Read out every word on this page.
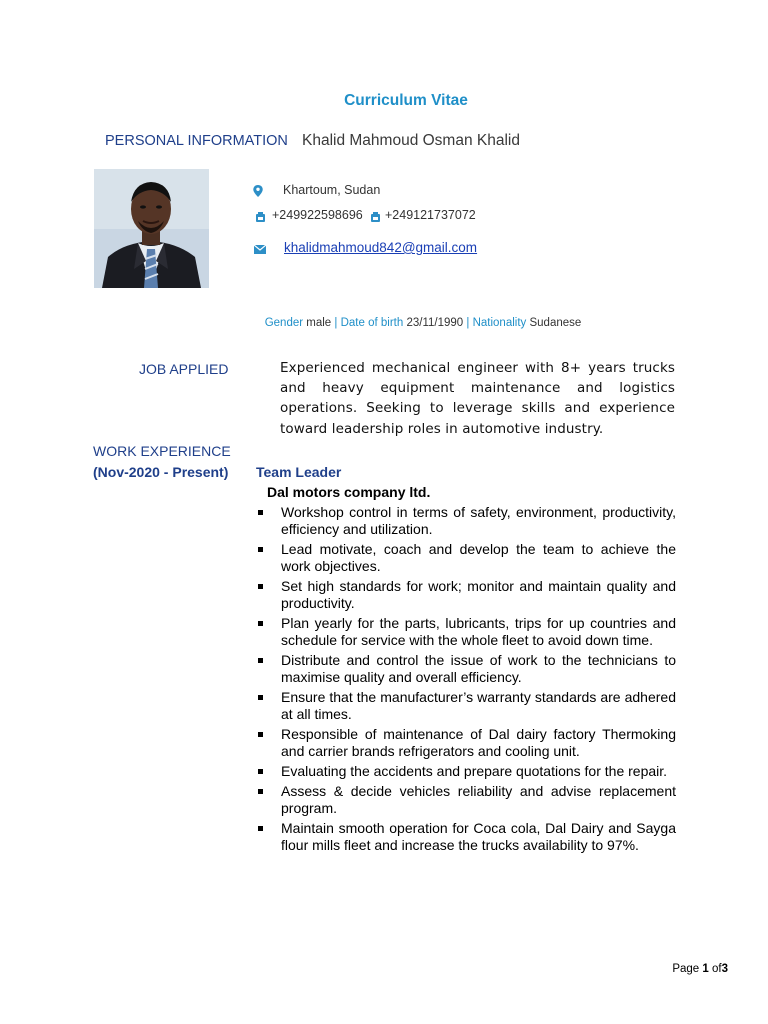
Curriculum Vitae
PERSONAL INFORMATION Khalid Mahmoud Osman Khalid
Khartoum, Sudan
+249922598696 +249121737072
khalidmahmoud842@gmail.com
Gender male | Date of birth 23/11/1990 | Nationality Sudanese
JOB APPLIED	Experienced mechanical engineer with 8+ years trucks and heavy equipment maintenance and logistics operations. Seeking to leverage skills and experience toward leadership roles in automotive industry.
WORK EXPERIENCE
(Nov-2020 - Present) Team Leader
Dal motors company ltd.
Workshop control in terms of safety, environment, productivity, efficiency and utilization.
Lead motivate, coach and develop the team to achieve the work objectives.
Set high standards for work; monitor and maintain quality and productivity.
Plan yearly for the parts, lubricants, trips for up countries and schedule for service with the whole fleet to avoid down time.
Distribute and control the issue of work to the technicians to maximise quality and overall efficiency.
Ensure that the manufacturer’s warranty standards are adhered at all times.
Responsible of maintenance of Dal dairy factory Thermoking and carrier brands refrigerators and cooling unit.
Evaluating the accidents and prepare quotations for the repair.
Assess & decide vehicles reliability and advise replacement program.
Maintain smooth operation for Coca cola, Dal Dairy and Sayga flour mills fleet and increase the trucks availability to 97%.
Page 1 of3
